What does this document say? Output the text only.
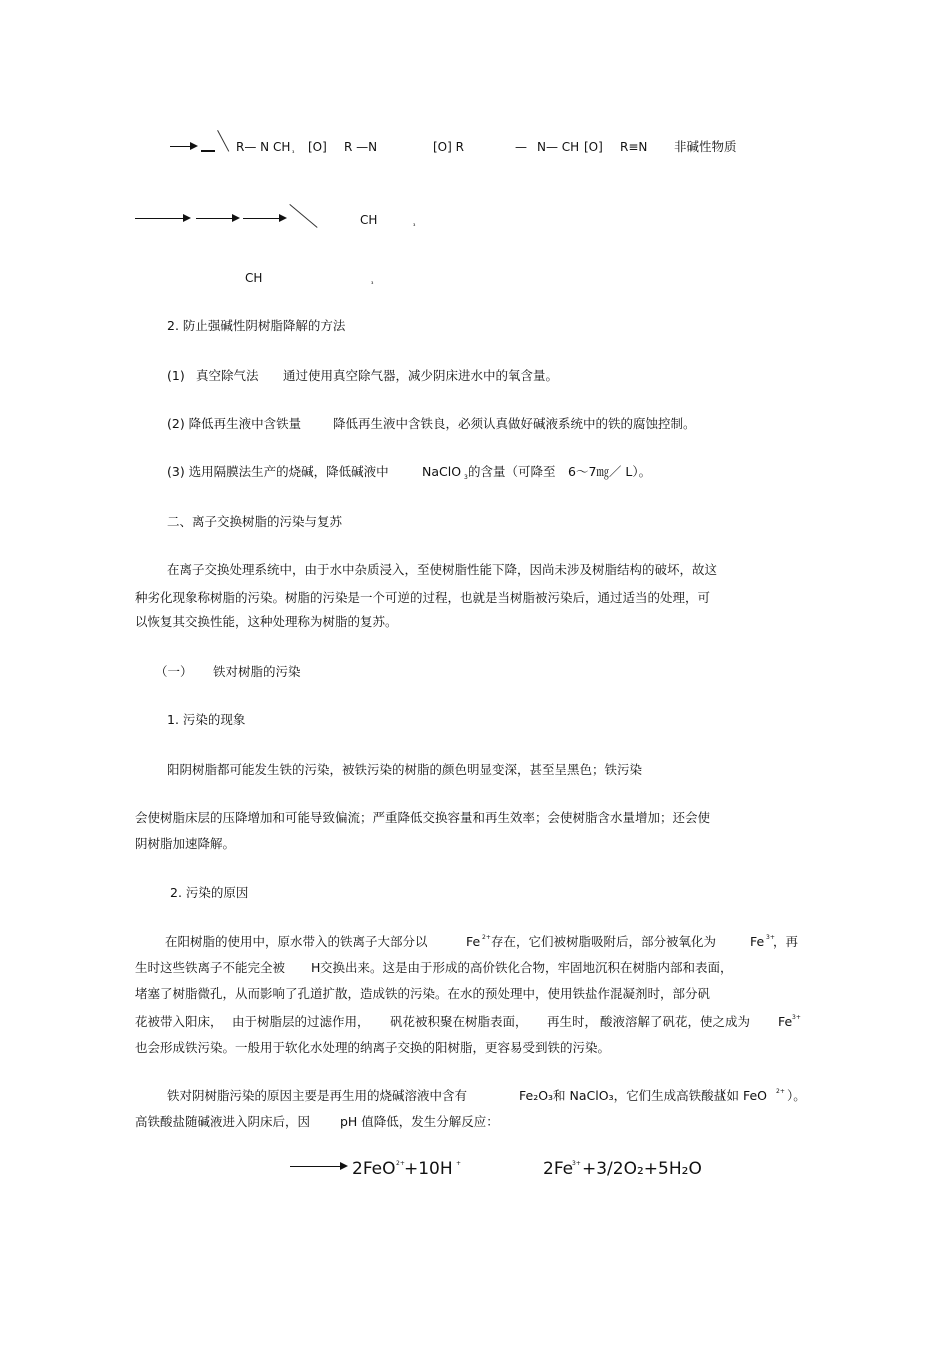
R— N CH ₃ [O] R —N	[O] R	— N— CH [O] R≡N 非碱性物质
CH	₃
CH	₃
2. 防止强碱性阴树脂降解的方法
(1) 真空除气法 通过使用真空除气器，减少阴床进水中的氧含量。
(2) 降低再生液中含铁量	降低再生液中含铁良，必须认真做好碱液系统中的铁的腐蚀控制。
(3) 选用隔膜法生产的烧碱，降低碱液中	NaClO 3 的含量（可降至　6～7㎎／ L）。
二、离子交换树脂的污染与复苏
在离子交换处理系统中，由于水中杂质浸入，至使树脂性能下降，因尚未涉及树脂结构的破坏，故这
种劣化现象称树脂的污染。树脂的污染是一个可逆的过程，也就是当树脂被污染后，通过适当的处理，可
以恢复其交换性能，这种处理称为树脂的复苏。
（一） 铁对树脂的污染
1. 污染的现象
阳阴树脂都可能发生铁的污染，被铁污染的树脂的颜色明显变深，甚至呈黑色；铁污染
会使树脂床层的压降增加和可能导致偏流；严重降低交换容量和再生效率；会使树脂含水量增加；还会使
阴树脂加速降解。
2. 污染的原因
在阳树脂的使用中，原水带入的铁离子大部分以	Fe 2+ 存在，它们被树脂吸附后，部分被氧化为	Fe 3+
，再
生时这些铁离子不能完全被 H 交换出来。这是由于形成的高价铁化合物，牢固地沉积在树脂内部和表面，
堵塞了树脂微孔，从而影响了孔道扩散，造成铁的污染。在水的预处理中，使用铁盐作混凝剂时，部分矾
花被带入阳床， 由于树脂层的过滤作用， 矾花被积聚在树脂表面， 再生时， 酸液溶解了矾花，使之成为 Fe 3+
也会形成铁污染。一般用于软化水处理的纳离子交换的阳树脂，更容易受到铁的污染。
铁对阴树脂污染的原因主要是再生用的烧碱溶液中含有	Fe₂O₃和 NaClO₃，它们生成高铁酸盐
（如 FeO 2+ ）。
高铁酸盐随碱液进入阴床后，因 pH 值降低，发生分解反应：
2FeO 2+ +10H +	2Fe
3+ +3/2O₂+5H₂O
